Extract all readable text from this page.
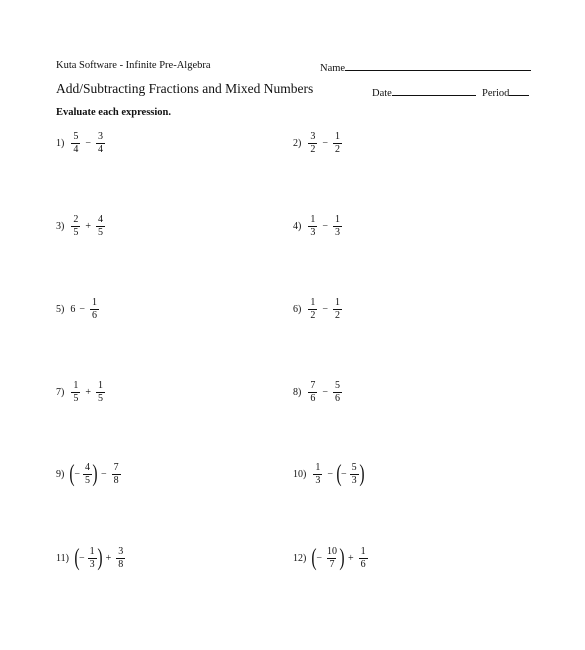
Kuta Software - Infinite Pre-Algebra	Name
Add/Subtracting Fractions and Mixed Numbers	Date	Period
Evaluate each expression.
$1) \frac{5}{4} - \frac{3}{4}$	$2) \frac{3}{2} - \frac{1}{2}$
$3) \frac{2}{5} + \frac{4}{5}$	$4) \frac{1}{3} - \frac{1}{3}$
5) $6 - \frac{1}{6}$	$6) \frac{1}{2} - \frac{1}{2}$
$7) \frac{1}{5} + \frac{1}{5}$	$8) \frac{7}{6} - \frac{5}{6}$
9) ( − $\frac{4}{5}$ ) − $\frac{7}{8}$	$10) \frac{1}{3}$ − ( − $\frac{5}{3}$ )
11) ( − $\frac{1}{3}$ ) + $\frac{3}{8}$	12) ( − $\frac{10}{7}$ ) + $\frac{1}{6}$
